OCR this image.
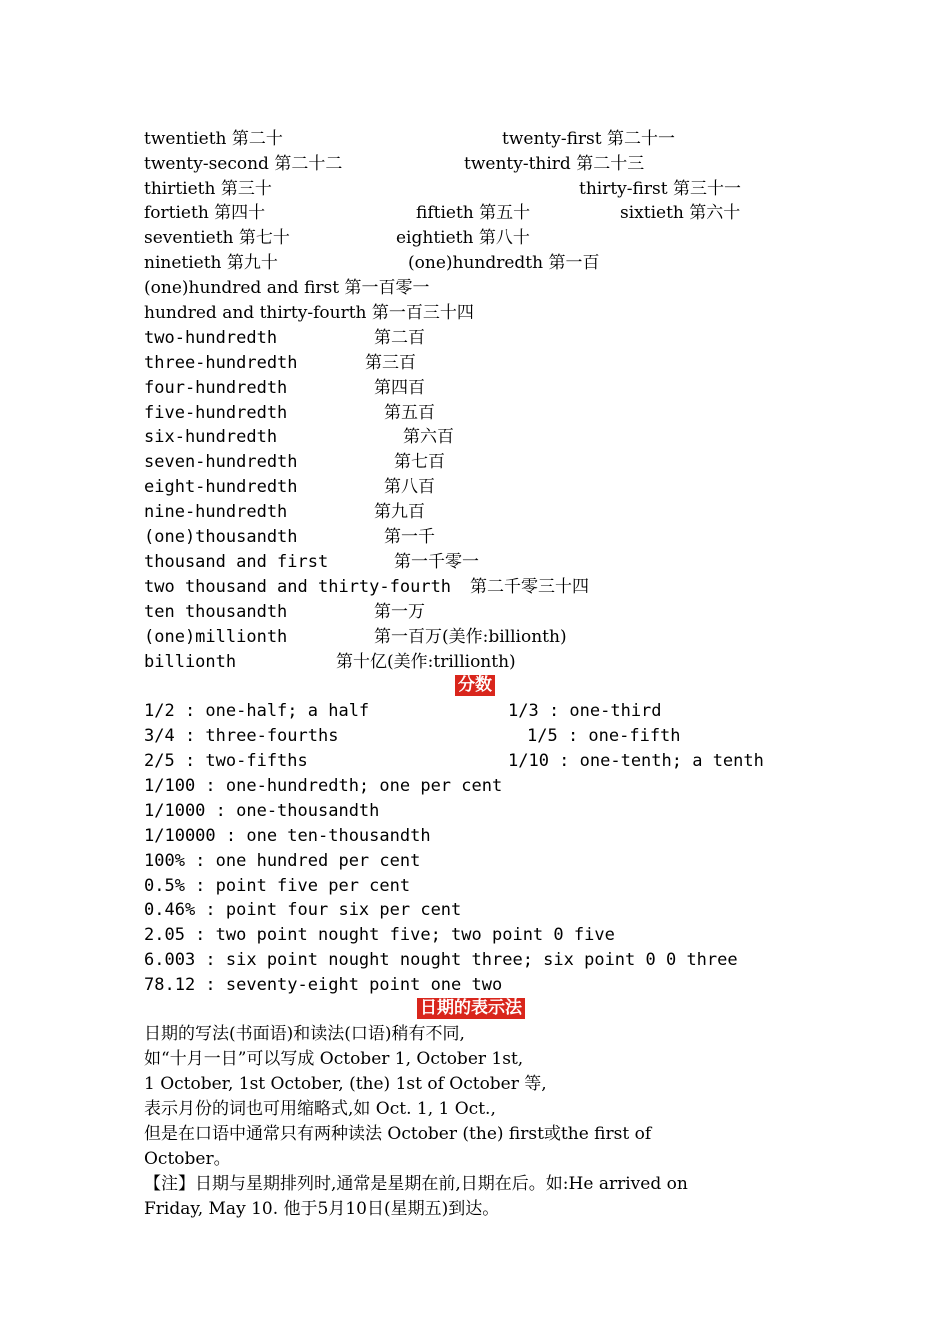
twentieth 第二十	twenty-first 第二十一
twenty-second 第二十二	twenty-third 第二十三
thirtieth 第三十	thirty-first 第三十一
fortieth 第四十	fiftieth 第五十	sixtieth 第六十
seventieth 第七十	eightieth 第八十
ninetieth 第九十	(one)hundredth 第一百
(one)hundred and first 第一百零一
hundred and thirty-fourth 第一百三十四
two-hundredth	第二百
three-hundredth	第三百
four-hundredth	第四百
five-hundredth	第五百
six-hundredth	第六百
seven-hundredth	第七百
eight-hundredth	第八百
nine-hundredth	第九百
(one)thousandth	第一千
thousand and first	第一千零一
two thousand and thirty-fourth 第二千零三十四
ten thousandth	第一万
(one)millionth	第一百万(美作:billionth)
billionth	第十亿(美作:trillionth)
分数
1/2 : one-half; a half	1/3 : one-third
3/4 : three-fourths	1/5 : one-fifth
2/5 : two-fifths	1/10 : one-tenth; a tenth
1/100 : one-hundredth; one per cent
1/1000 : one-thousandth
1/10000 : one ten-thousandth
100% : one hundred per cent
0.5% : point five per cent
0.46% : point four six per cent
2.05 : two point nought five; two point 0 five
6.003 : six point nought nought three; six point 0 0 three
78.12 : seventy-eight point one two
日期的表示法
日期的写法(书面语)和读法(口语)稍有不同,
如“十月一日”可以写成 October 1, October 1st,
1 October, 1st October, (the) 1st of October 等,
表示月份的词也可用缩略式,如 Oct. 1, 1 Oct.,
但是在口语中通常只有两种读法 October (the) first或the first of
October。
【注】日期与星期排列时,通常是星期在前,日期在后。如:He arrived on
Friday, May 10. 他于5月10日(星期五)到达。
